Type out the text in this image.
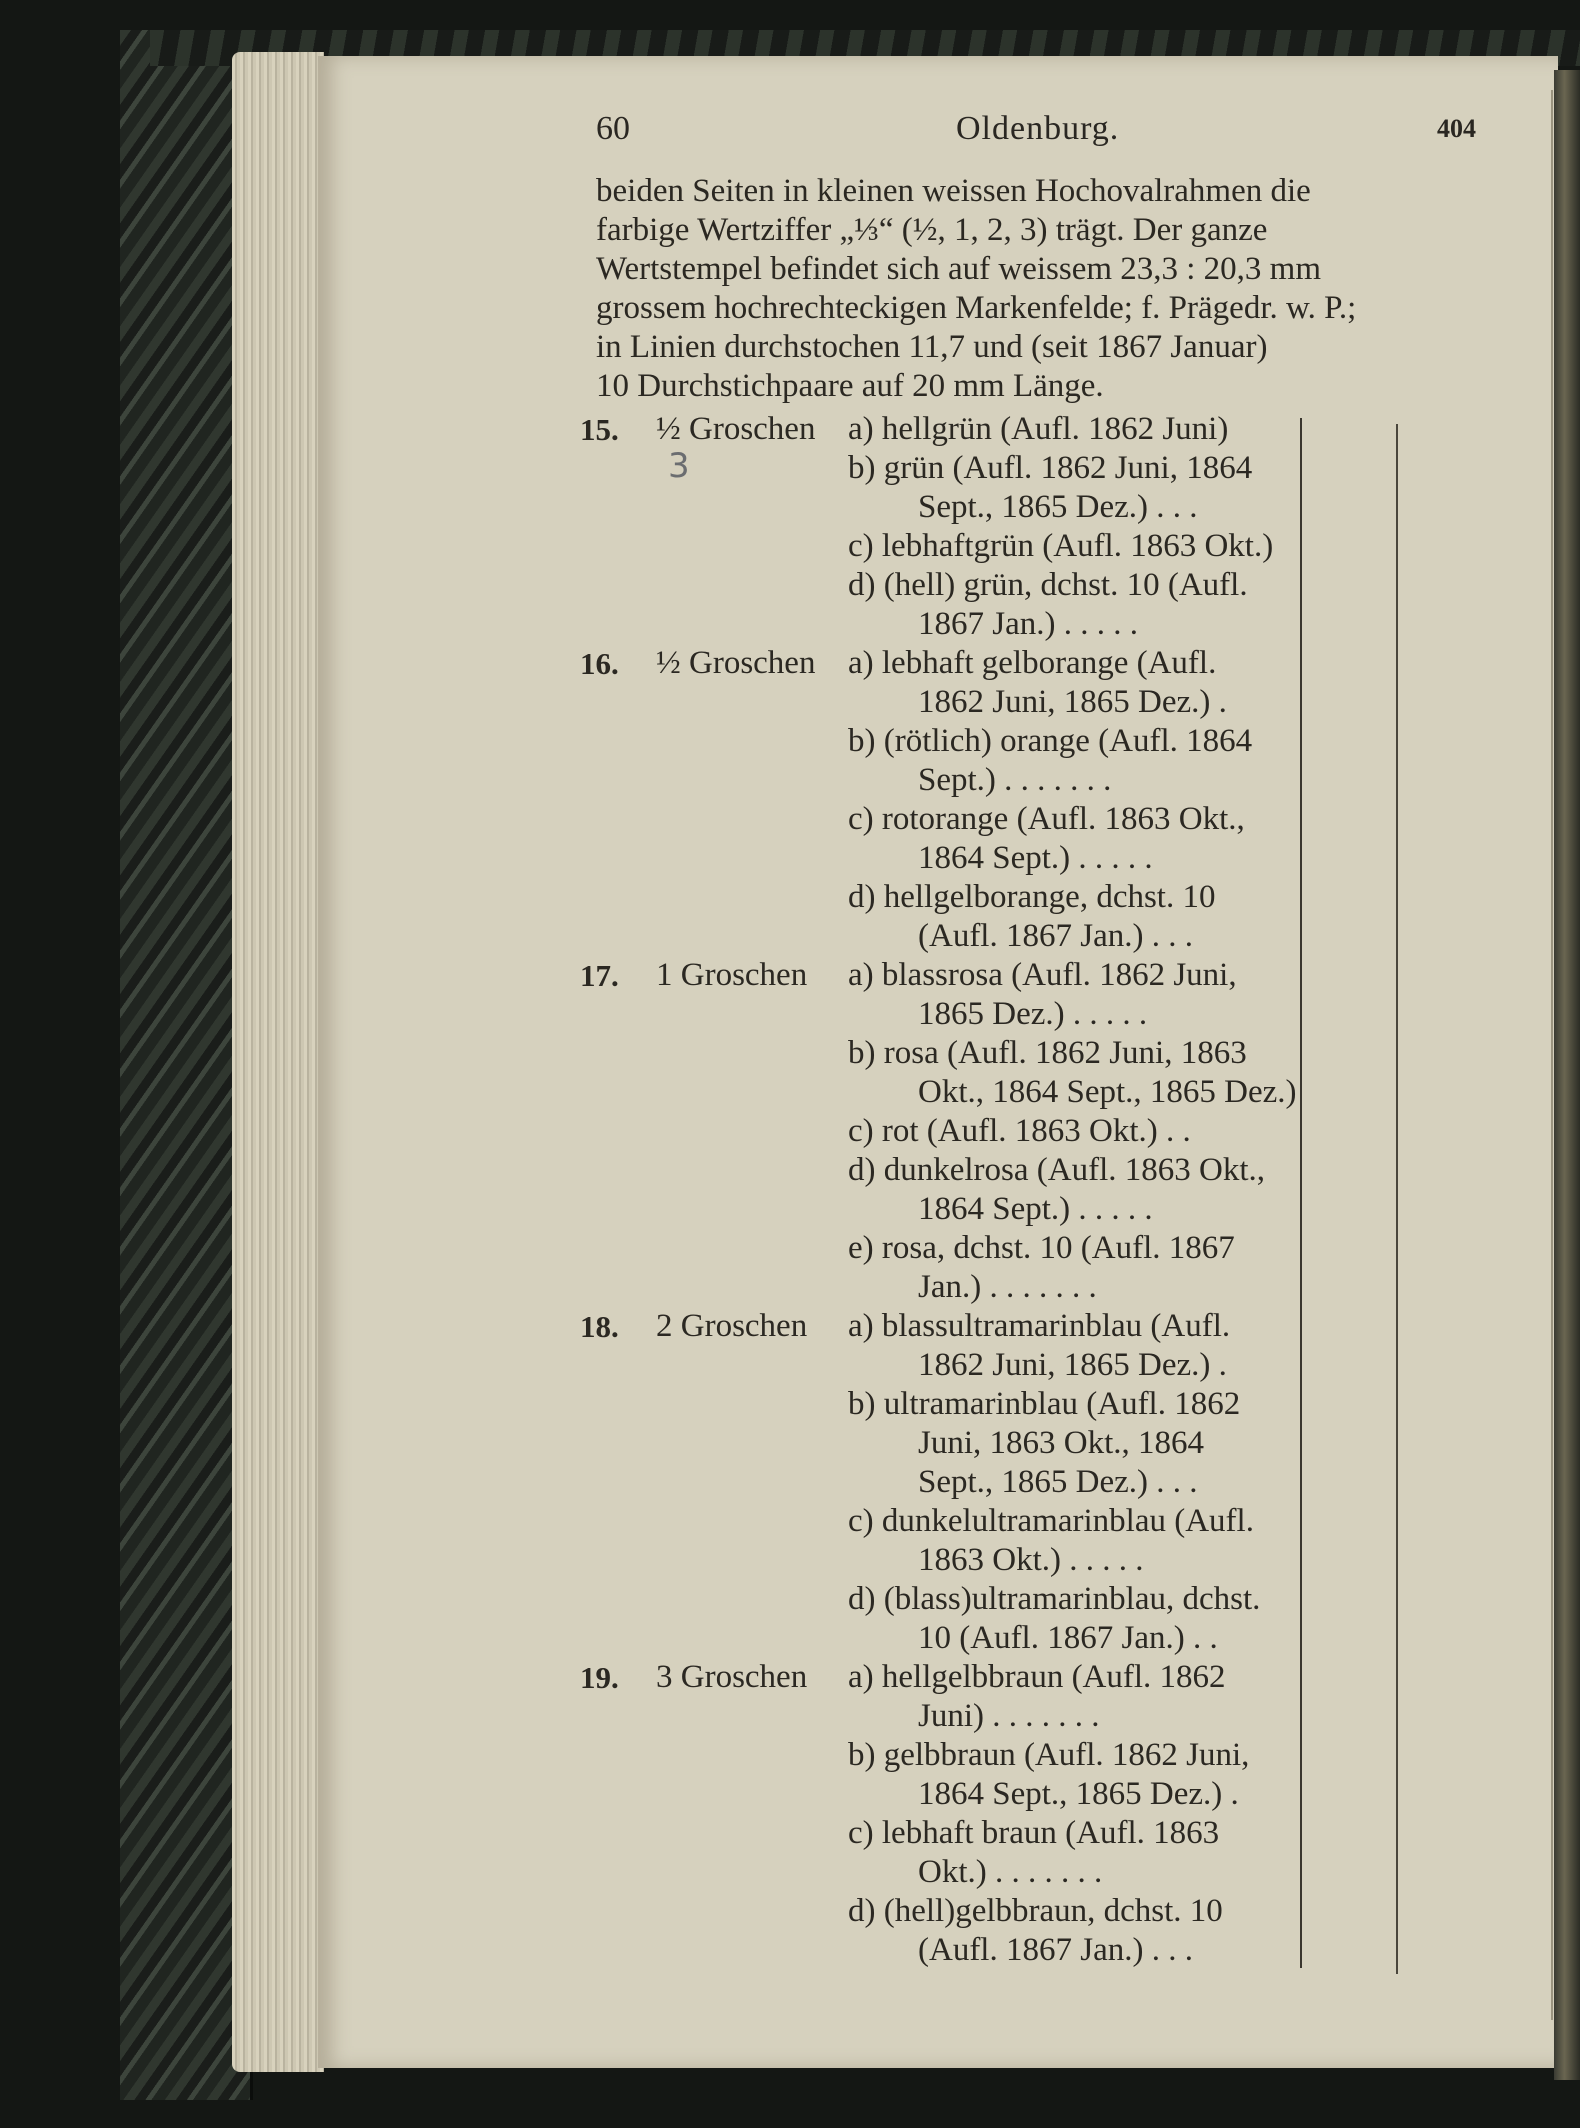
60	Oldenburg.	404
beiden Seiten in kleinen weissen Hochovalrahmen die
farbige Wertziffer „⅓“ (½, 1, 2, 3) trägt. Der ganze
Wertstempel befindet sich auf weissem 23,3 : 20,3 mm
grossem hochrechteckigen Markenfelde; f. Prägedr. w. P.;
in Linien durchstochen 11,7 und (seit 1867 Januar)
10 Durchstichpaare auf 20 mm Länge.
3
15. ½ Groschen a) hellgrün (Aufl. 1862 Juni)
b) grün (Aufl. 1862 Juni, 1864
Sept., 1865 Dez.) . . .
c) lebhaftgrün (Aufl. 1863 Okt.)
d) (hell) grün, dchst. 10 (Aufl.
1867 Jan.) . . . . .
16. ½ Groschen a) lebhaft gelborange (Aufl.
1862 Juni, 1865 Dez.) .
b) (rötlich) orange (Aufl. 1864
Sept.) . . . . . . .
c) rotorange (Aufl. 1863 Okt.,
1864 Sept.) . . . . .
d) hellgelborange, dchst. 10
(Aufl. 1867 Jan.) . . .
17. 1 Groschen a) blassrosa (Aufl. 1862 Juni,
1865 Dez.) . . . . .
b) rosa (Aufl. 1862 Juni, 1863
Okt., 1864 Sept., 1865 Dez.)
c) rot (Aufl. 1863 Okt.) . .
d) dunkelrosa (Aufl. 1863 Okt.,
1864 Sept.) . . . . .
e) rosa, dchst. 10 (Aufl. 1867
Jan.) . . . . . . .
18. 2 Groschen a) blassultramarinblau (Aufl.
1862 Juni, 1865 Dez.) .
b) ultramarinblau (Aufl. 1862
Juni, 1863 Okt., 1864
Sept., 1865 Dez.) . . .
c) dunkelultramarinblau (Aufl.
1863 Okt.) . . . . .
d) (blass)ultramarinblau, dchst.
10 (Aufl. 1867 Jan.) . .
19. 3 Groschen a) hellgelbbraun (Aufl. 1862
Juni) . . . . . . .
b) gelbbraun (Aufl. 1862 Juni,
1864 Sept., 1865 Dez.) .
c) lebhaft braun (Aufl. 1863
Okt.) . . . . . . .
d) (hell)gelbbraun, dchst. 10
(Aufl. 1867 Jan.) . . .
